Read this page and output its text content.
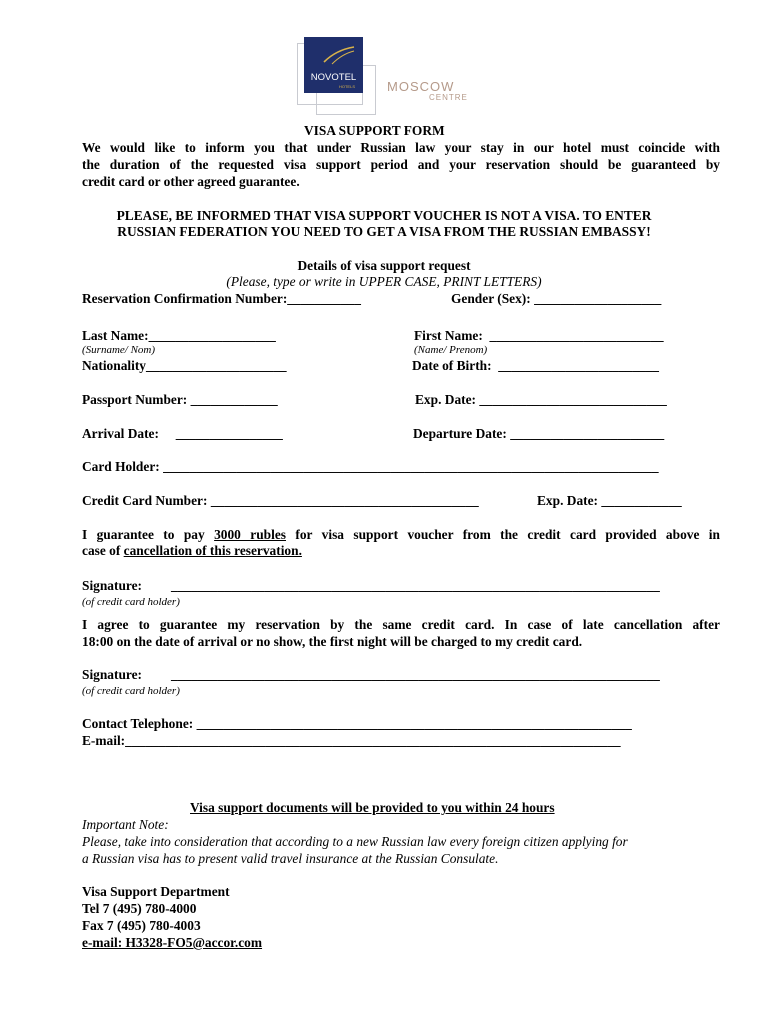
NOVOTEL
HOTELS	MOSCOW
CENTRE
VISA SUPPORT FORM
We would like to inform you that under Russian law your stay in our hotel must coincide with
the duration of the requested visa support period and your reservation should be guaranteed by
credit card or other agreed guarantee.
PLEASE, BE INFORMED THAT VISA SUPPORT VOUCHER IS NOT A VISA. TO ENTER
RUSSIAN FEDERATION YOU NEED TO GET A VISA FROM THE RUSSIAN EMBASSY!
Details of visa support request
(Please, type or write in UPPER CASE, PRINT LETTERS)
Reservation Confirmation Number:___________	Gender (Sex): ___________________
Last Name:___________________
(Surname/ Nom)
First Name: __________________________
(Name/ Prenom)
Nationality_____________________	Date of Birth: ________________________
Passport Number: _____________	Exp. Date: ____________________________
Arrival Date: ________________	Departure Date: _______________________
Card Holder: __________________________________________________________________________
Credit Card Number: ________________________________________	Exp. Date: ____________
I guarantee to pay 3000 rubles for visa support voucher from the credit card provided above in
case of cancellation of this reservation.
Signature: _________________________________________________________________________
(of credit card holder)
I agree to guarantee my reservation by the same credit card. In case of late cancellation after
18:00 on the date of arrival or no show, the first night will be charged to my credit card.
Signature: _________________________________________________________________________
(of credit card holder)
Contact Telephone: _________________________________________________________________
E-mail:__________________________________________________________________________
Visa support documents will be provided to you within 24 hours
Important Note:
Please, take into consideration that according to a new Russian law every foreign citizen applying for
a Russian visa has to present valid travel insurance at the Russian Consulate.
Visa Support Department
Tel 7 (495) 780-4000
Fax 7 (495) 780-4003
e-mail: H3328-FO5@accor.com
